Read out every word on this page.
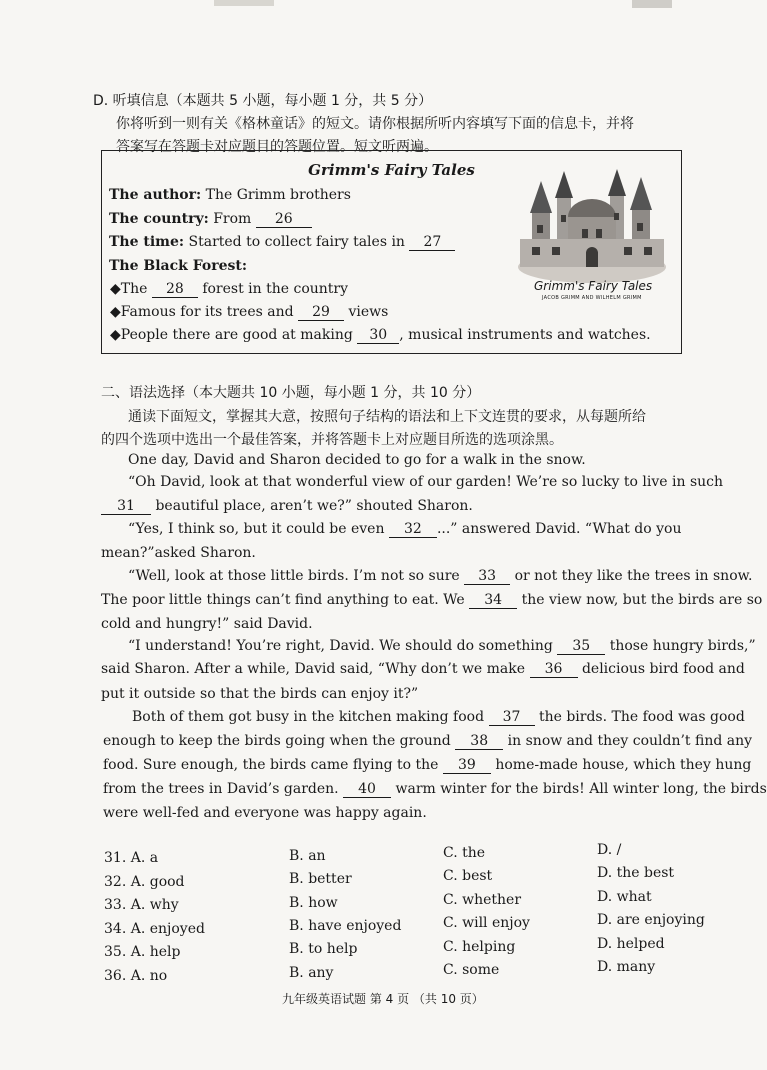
D. 听填信息（本题共 5 小题，每小题 1 分，共 5 分）
你将听到一则有关《格林童话》的短文。请你根据所听内容填写下面的信息卡，并将
答案写在答题卡对应题目的答题位置。短文听两遍。
Grimm's Fairy Tales
The author: The Grimm brothers
The country: From 26
The time: Started to collect fairy tales in 27
The Black Forest:
◆The 28 forest in the country
◆Famous for its trees and 29 views
◆People there are good at making 30 , musical instruments and watches.
Grimm's Fairy Tales
JACOB GRIMM AND WILHELM GRIMM
二、语法选择（本大题共 10 小题，每小题 1 分，共 10 分）
通读下面短文，掌握其大意，按照句子结构的语法和上下文连贯的要求，从每题所给
的四个选项中选出一个最佳答案，并将答题卡上对应题目所选的选项涂黑。
One day, David and Sharon decided to go for a walk in the snow.
“Oh David, look at that wonderful view of our garden! We’re so lucky to live in such
31 beautiful place, aren’t we?” shouted Sharon.
“Yes, I think so, but it could be even 32 ...” answered David. “What do you
mean?”asked Sharon.
“Well, look at those little birds. I’m not so sure 33 or not they like the trees in snow.
The poor little things can’t find anything to eat. We 34 the view now, but the birds are so
cold and hungry!” said David.
“I understand! You’re right, David. We should do something 35 those hungry birds,”
said Sharon. After a while, David said, “Why don’t we make 36 delicious bird food and
put it outside so that the birds can enjoy it?”
Both of them got busy in the kitchen making food 37 the birds. The food was good
enough to keep the birds going when the ground 38 in snow and they couldn’t find any
food. Sure enough, the birds came flying to the 39 home-made house, which they hung
from the trees in David’s garden. 40 warm winter for the birds! All winter long, the birds
were well-fed and everyone was happy again.
31. A. a	B. an	C. the	D. /
32. A. good	B. better	C. best	D. the best
33. A. why	B. how	C. whether	D. what
34. A. enjoyed	B. have enjoyed	C. will enjoy	D. are enjoying
35. A. help	B. to help	C. helping	D. helped
36. A. no	B. any	C. some	D. many
九年级英语试题 第 4 页 （共 10 页）
